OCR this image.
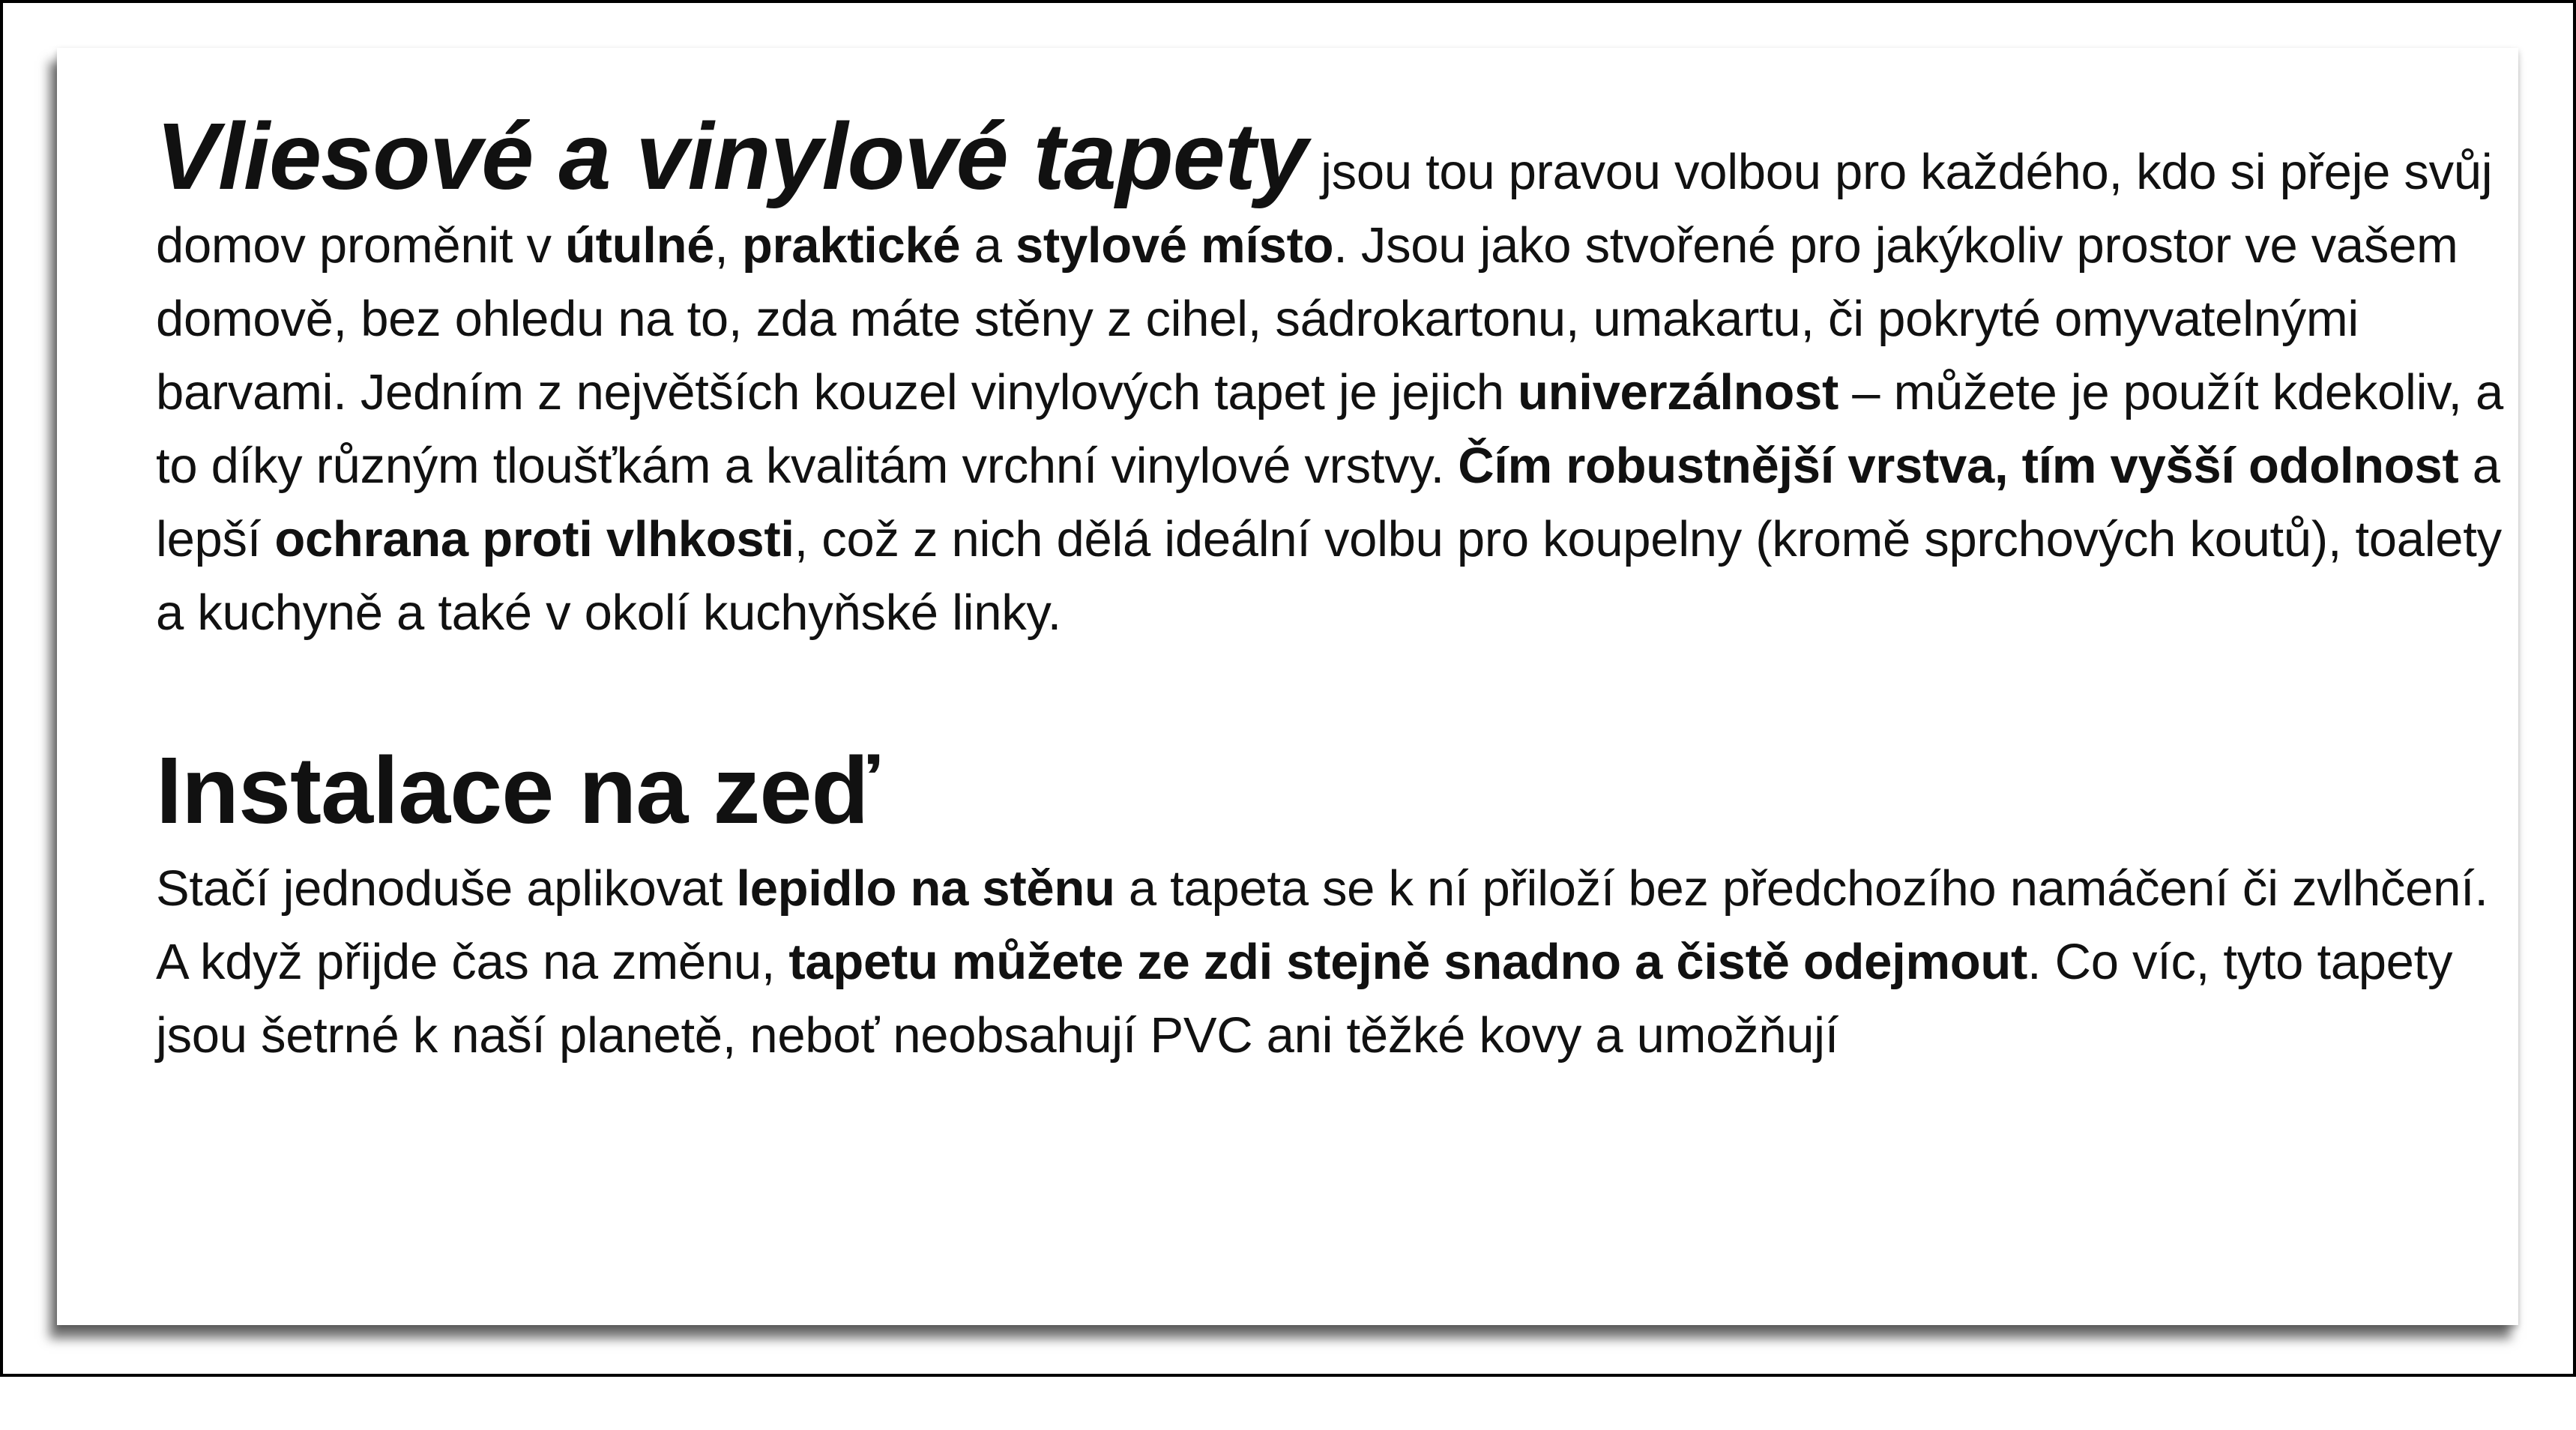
Vliesové a vinylové tapety jsou tou pravou volbou pro každého, kdo si přeje svůj domov proměnit v útulné, praktické a stylové místo. Jsou jako stvořené pro jakýkoliv prostor ve vašem domově, bez ohledu na to, zda máte stěny z cihel, sádrokartonu, umakartu, či pokryté omyvatelnými barvami. Jedním z největších kouzel vinylových tapet je jejich univerzálnost – můžete je použít kdekoliv, a to díky různým tloušťkám a kvalitám vrchní vinylové vrstvy. Čím robustnější vrstva, tím vyšší odolnost a lepší ochrana proti vlhkosti, což z nich dělá ideální volbu pro koupelny (kromě sprchových koutů), toalety a kuchyně a také v okolí kuchyňské linky.

Instalace na zeď

Stačí jednoduše aplikovat lepidlo na stěnu a tapeta se k ní přiloží bez předchozího namáčení či zvlhčení. A když přijde čas na změnu, tapetu můžete ze zdi stejně snadno a čistě odejmout. Co víc, tyto tapety jsou šetrné k naší planetě, neboť neobsahují PVC ani těžké kovy a umožňují
